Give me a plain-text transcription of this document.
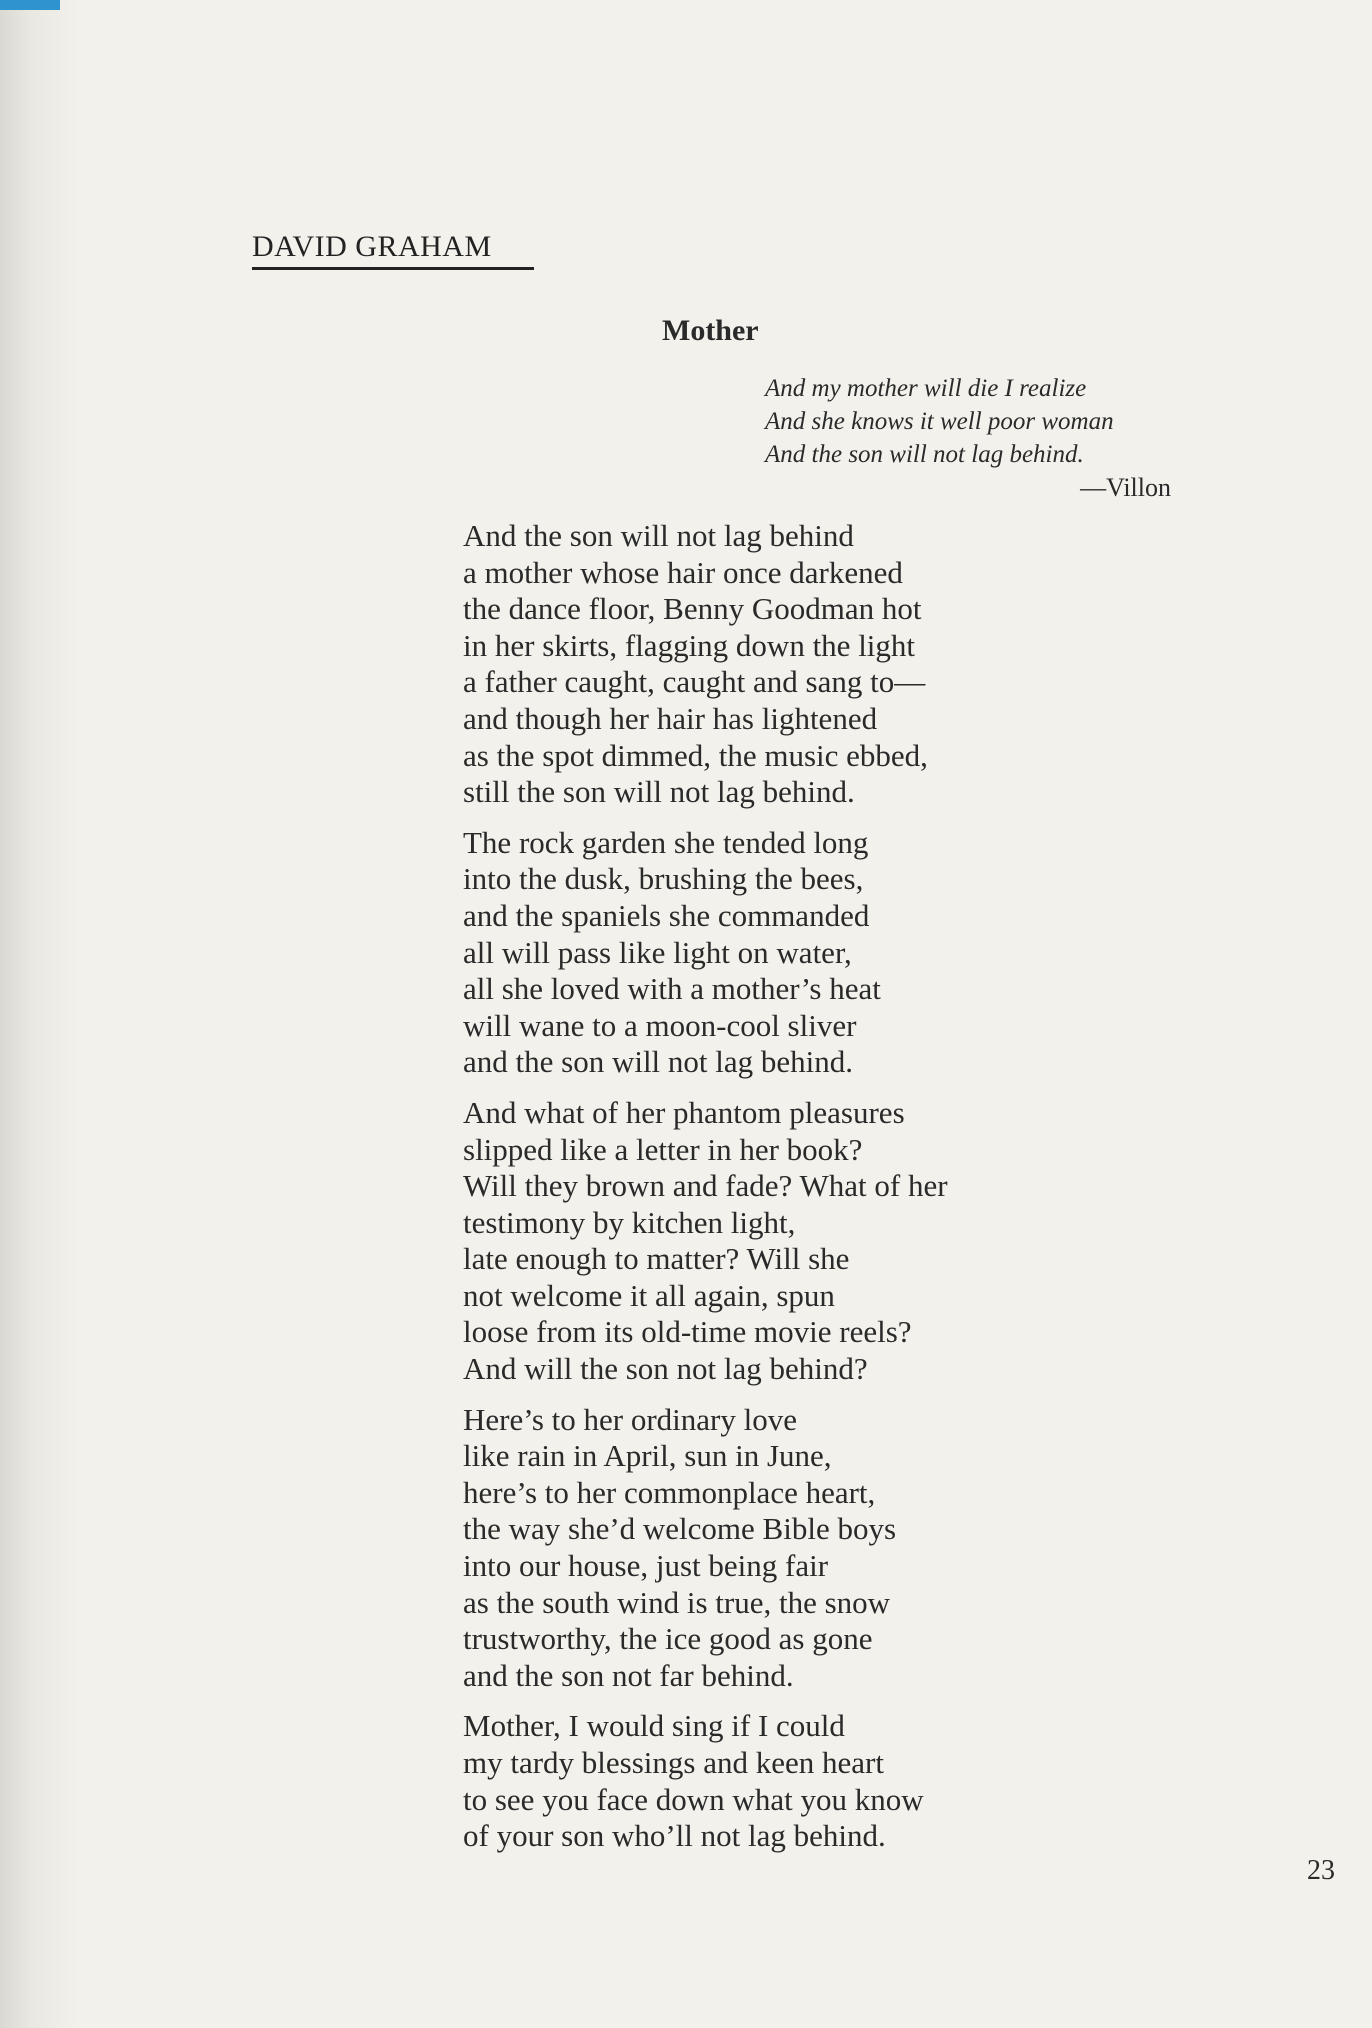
DAVID GRAHAM
Mother
And my mother will die I realize
And she knows it well poor woman
And the son will not lag behind.
—Villon
And the son will not lag behind
a mother whose hair once darkened
the dance floor, Benny Goodman hot
in her skirts, flagging down the light
a father caught, caught and sang to—
and though her hair has lightened
as the spot dimmed, the music ebbed,
still the son will not lag behind.
The rock garden she tended long
into the dusk, brushing the bees,
and the spaniels she commanded
all will pass like light on water,
all she loved with a mother’s heat
will wane to a moon-cool sliver
and the son will not lag behind.
And what of her phantom pleasures
slipped like a letter in her book?
Will they brown and fade? What of her
testimony by kitchen light,
late enough to matter? Will she
not welcome it all again, spun
loose from its old-time movie reels?
And will the son not lag behind?
Here’s to her ordinary love
like rain in April, sun in June,
here’s to her commonplace heart,
the way she’d welcome Bible boys
into our house, just being fair
as the south wind is true, the snow
trustworthy, the ice good as gone
and the son not far behind.
Mother, I would sing if I could
my tardy blessings and keen heart
to see you face down what you know
of your son who’ll not lag behind.
23
